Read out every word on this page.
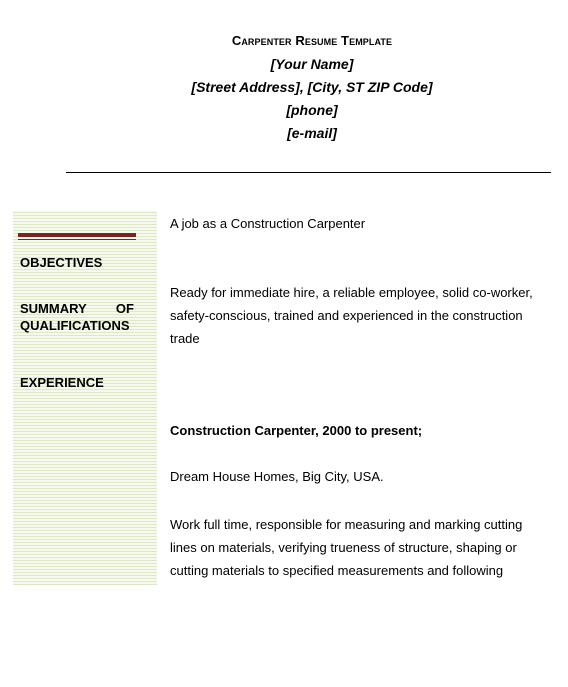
Carpenter Resume Template
[Your Name]
[Street Address], [City, ST ZIP Code]
[phone]
[e-mail]
OBJECTIVES
SUMMARY OF
QUALIFICATIONS
EXPERIENCE
A job as a Construction Carpenter
Ready for immediate hire, a reliable employee, solid co-worker, safety-conscious, trained and experienced in the construction trade
Construction Carpenter, 2000 to present;
Dream House Homes, Big City, USA.
Work full time, responsible for measuring and marking cutting lines on materials, verifying trueness of structure, shaping or cutting materials to specified measurements and following
